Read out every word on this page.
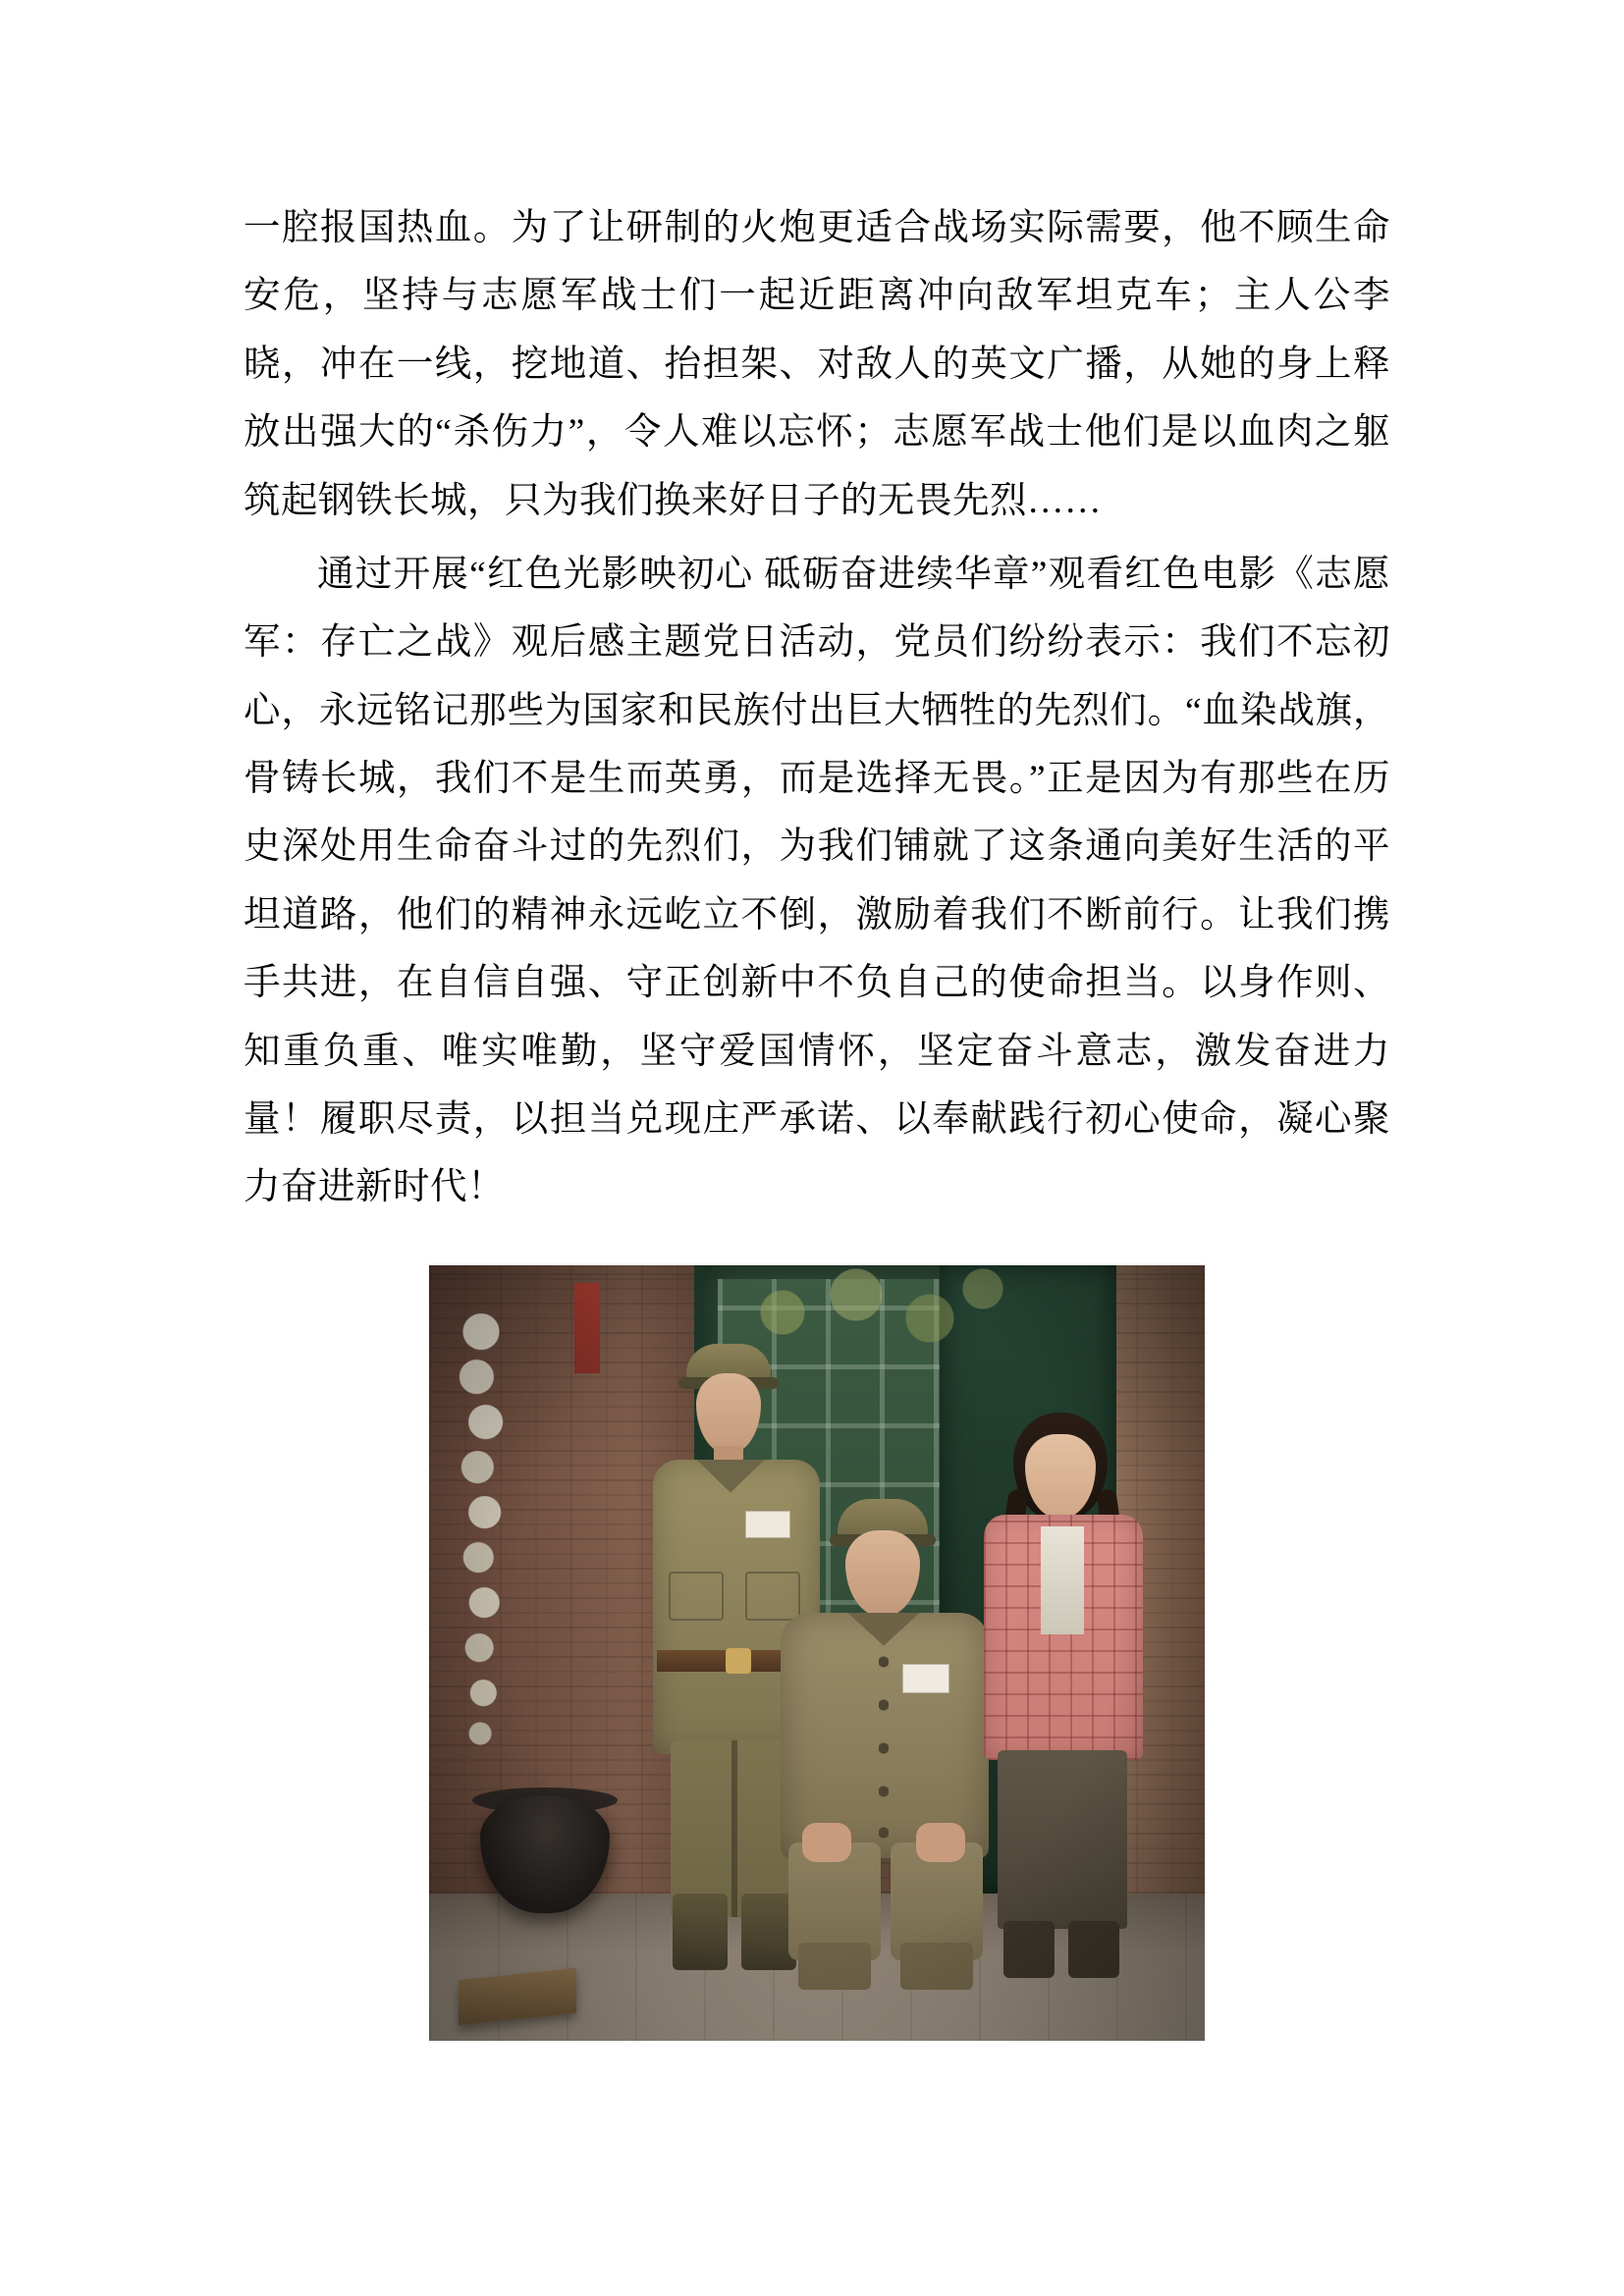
一腔报国热血。为了让研制的火炮更适合战场实际需要，他不顾生命安危，坚持与志愿军战士们一起近距离冲向敌军坦克车；主人公李晓，冲在一线，挖地道、抬担架、对敌人的英文广播，从她的身上释放出强大的“杀伤力”，令人难以忘怀；志愿军战士他们是以血肉之躯筑起钢铁长城，只为我们换来好日子的无畏先烈……

通过开展“红色光影映初心 砥砺奋进续华章”观看红色电影《志愿军：存亡之战》观后感主题党日活动，党员们纷纷表示：我们不忘初心，永远铭记那些为国家和民族付出巨大牺牲的先烈们。“血染战旗，骨铸长城，我们不是生而英勇，而是选择无畏。”正是因为有那些在历史深处用生命奋斗过的先烈们，为我们铺就了这条通向美好生活的平坦道路，他们的精神永远屹立不倒，激励着我们不断前行。让我们携手共进，在自信自强、守正创新中不负自己的使命担当。以身作则、知重负重、唯实唯勤，坚守爱国情怀，坚定奋斗意志，激发奋进力量！履职尽责，以担当兑现庄严承诺、以奉献践行初心使命，凝心聚力奋进新时代！
